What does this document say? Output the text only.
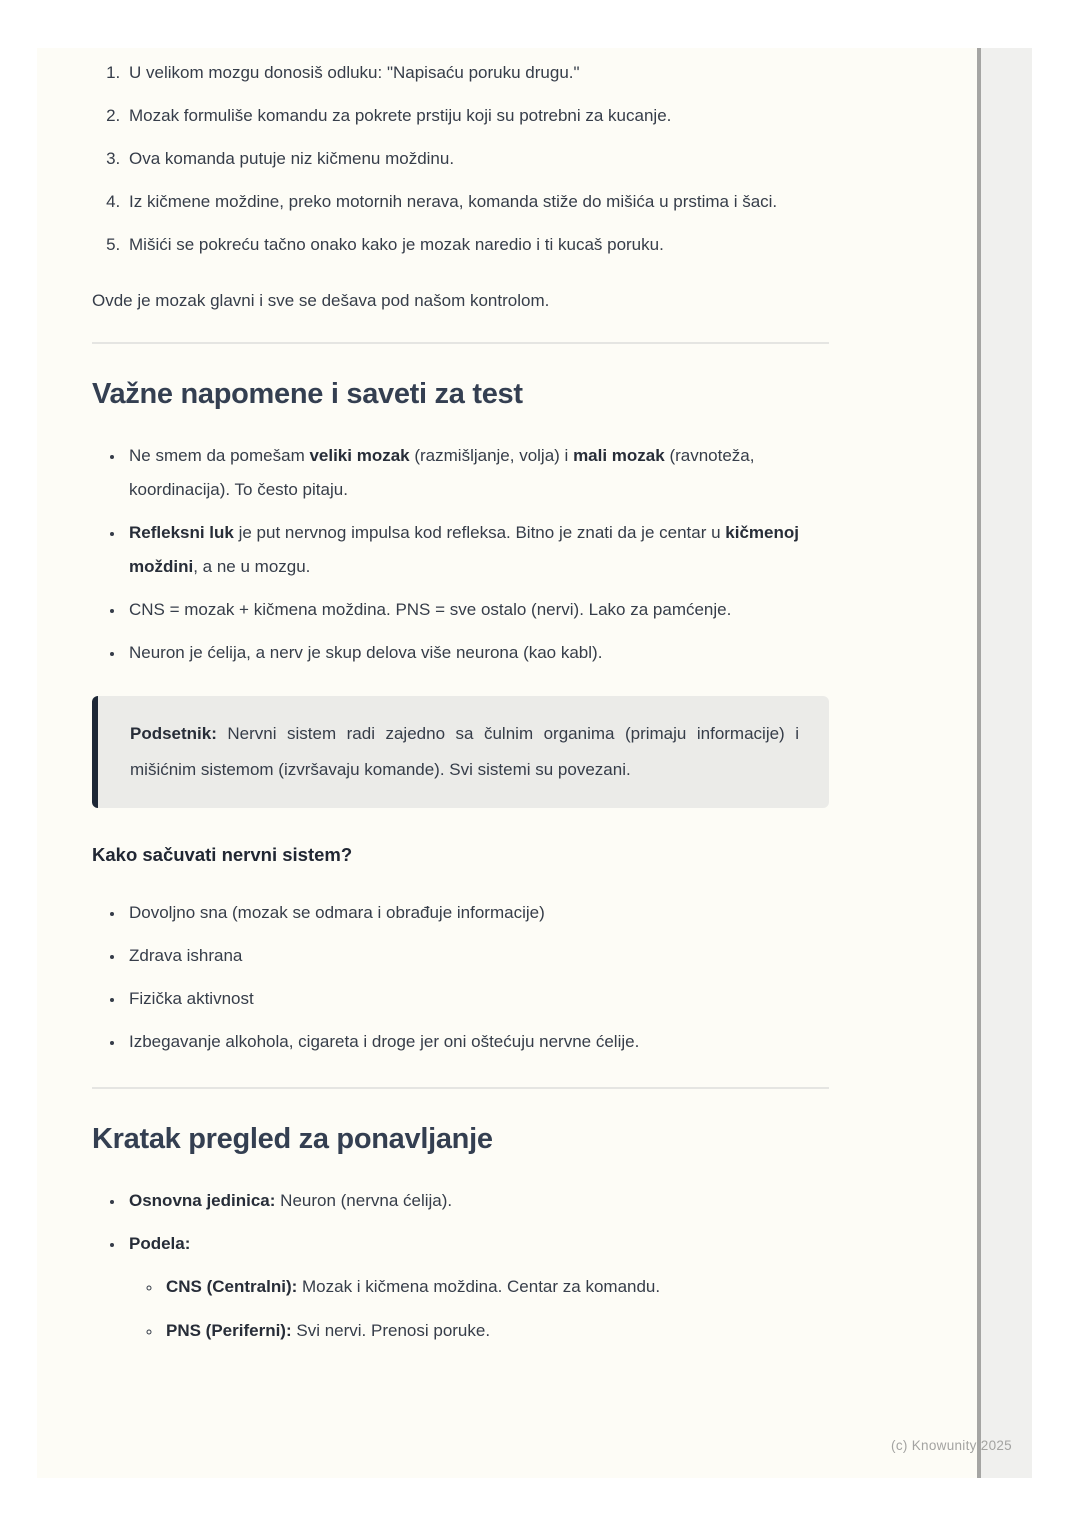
1. U velikom mozgu donosiš odluku: "Napisaću poruku drugu."
2. Mozak formuliše komandu za pokrete prstiju koji su potrebni za kucanje.
3. Ova komanda putuje niz kičmenu moždinu.
4. Iz kičmene moždine, preko motornih nerava, komanda stiže do mišića u prstima i šaci.
5. Mišići se pokreću tačno onako kako je mozak naredio i ti kucaš poruku.

Ovde je mozak glavni i sve se dešava pod našom kontrolom.

Važne napomene i saveti za test
• Ne smem da pomešam veliki mozak (razmišljanje, volja) i mali mozak (ravnoteža, koordinacija). To često pitaju.
• Refleksni luk je put nervnog impulsa kod refleksa. Bitno je znati da je centar u kičmenoj moždini, a ne u mozgu.
• CNS = mozak + kičmena moždina. PNS = sve ostalo (nervi). Lako za pamćenje.
• Neuron je ćelija, a nerv je skup delova više neurona (kao kabl).
Podsetnik: Nervni sistem radi zajedno sa čulnim organima (primaju informacije) i mišićnim sistemom (izvršavaju komande). Svi sistemi su povezani.
Kako sačuvati nervni sistem?
• Dovoljno sna (mozak se odmara i obrađuje informacije)
• Zdrava ishrana
• Fizička aktivnost
• Izbegavanje alkohola, cigareta i droge jer oni oštećuju nervne ćelije.
Kratak pregled za ponavljanje
• Osnovna jedinica: Neuron (nervna ćelija).
• Podela:
◦ CNS (Centralni): Mozak i kičmena moždina. Centar za komandu.
◦ PNS (Periferni): Svi nervi. Prenosi poruke.
(c) Knowunity 2025
